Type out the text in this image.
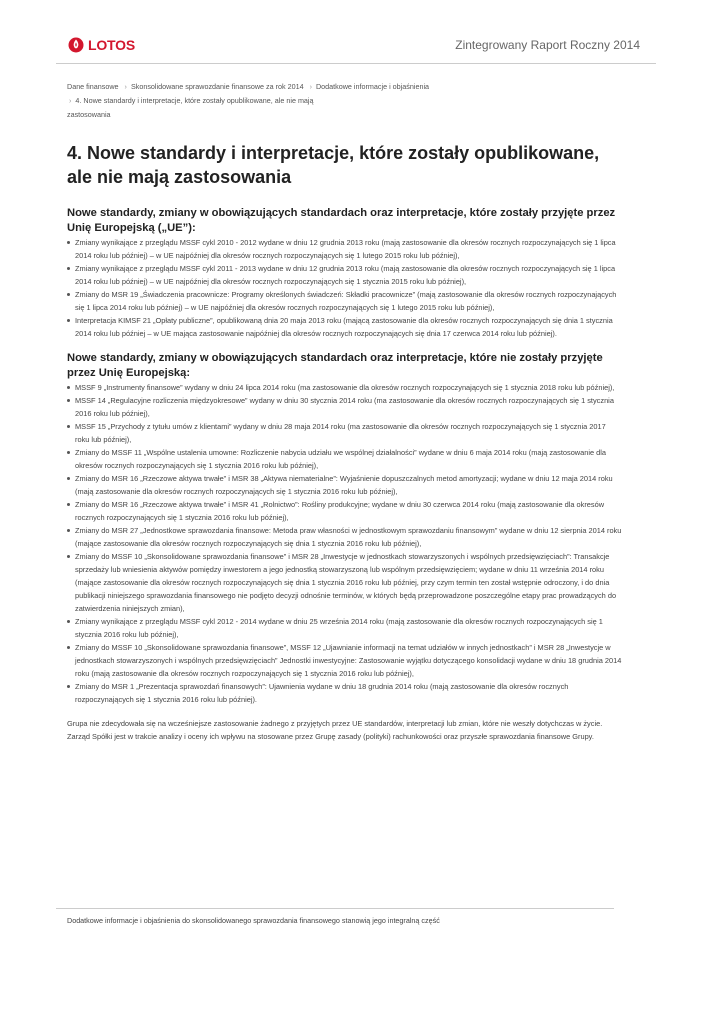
LOTOS	Zintegrowany Raport Roczny 2014
Dane finansowe › Skonsolidowane sprawozdanie finansowe za rok 2014 › Dodatkowe informacje i objaśnienia
› 4. Nowe standardy i interpretacje, które zostały opublikowane, ale nie mają
zastosowania
4. Nowe standardy i interpretacje, które zostały opublikowane, ale nie mają zastosowania
Nowe standardy, zmiany w obowiązujących standardach oraz interpretacje, które zostały przyjęte przez Unię Europejską („UE”):
Zmiany wynikające z przeglądu MSSF cykl 2010 - 2012 wydane w dniu 12 grudnia 2013 roku (mają zastosowanie dla okresów rocznych rozpoczynających się 1 lipca 2014 roku lub później) – w UE najpóźniej dla okresów rocznych rozpoczynających się 1 lutego 2015 roku lub później),
Zmiany wynikające z przeglądu MSSF cykl 2011 - 2013 wydane w dniu 12 grudnia 2013 roku (mają zastosowanie dla okresów rocznych rozpoczynających się 1 lipca 2014 roku lub później) – w UE najpóźniej dla okresów rocznych rozpoczynających się 1 stycznia 2015 roku lub później),
Zmiany do MSR 19 „Świadczenia pracownicze: Programy określonych świadczeń: Składki pracownicze” (mają zastosowanie dla okresów rocznych rozpoczynających się 1 lipca 2014 roku lub później) – w UE najpóźniej dla okresów rocznych rozpoczynających się 1 lutego 2015 roku lub później),
Interpretacja KIMSF 21 „Opłaty publiczne”, opublikowaną dnia 20 maja 2013 roku (mającą zastosowanie dla okresów rocznych rozpoczynających się dnia 1 stycznia 2014 roku lub później – w UE mająca zastosowanie najpóźniej dla okresów rocznych rozpoczynających się dnia 17 czerwca 2014 roku lub później).
Nowe standardy, zmiany w obowiązujących standardach oraz interpretacje, które nie zostały przyjęte przez Unię Europejską:
MSSF 9 „Instrumenty finansowe” wydany w dniu 24 lipca 2014 roku (ma zastosowanie dla okresów rocznych rozpoczynających się 1 stycznia 2018 roku lub później),
MSSF 14 „Regulacyjne rozliczenia międzyokresowe” wydany w dniu 30 stycznia 2014 roku (ma zastosowanie dla okresów rocznych rozpoczynających się 1 stycznia 2016 roku lub później),
MSSF 15 „Przychody z tytułu umów z klientami” wydany w dniu 28 maja 2014 roku (ma zastosowanie dla okresów rocznych rozpoczynających się 1 stycznia 2017 roku lub później),
Zmiany do MSSF 11 „Wspólne ustalenia umowne: Rozliczenie nabycia udziału we wspólnej działalności” wydane w dniu 6 maja 2014 roku (mają zastosowanie dla okresów rocznych rozpoczynających się 1 stycznia 2016 roku lub później),
Zmiany do MSR 16 „Rzeczowe aktywa trwałe” i MSR 38 „Aktywa niematerialne”: Wyjaśnienie dopuszczalnych metod amortyzacji; wydane w dniu 12 maja 2014 roku (mają zastosowanie dla okresów rocznych rozpoczynających się 1 stycznia 2016 roku lub później),
Zmiany do MSR 16 „Rzeczowe aktywa trwałe” i MSR 41 „Rolnictwo”: Rośliny produkcyjne; wydane w dniu 30 czerwca 2014 roku (mają zastosowanie dla okresów rocznych rozpoczynających się 1 stycznia 2016 roku lub później),
Zmiany do MSR 27 „Jednostkowe sprawozdania finansowe: Metoda praw własności w jednostkowym sprawozdaniu finansowym” wydane w dniu 12 sierpnia 2014 roku (mające zastosowanie dla okresów rocznych rozpoczynających się dnia 1 stycznia 2016 roku lub później),
Zmiany do MSSF 10 „Skonsolidowane sprawozdania finansowe” i MSR 28 „Inwestycje w jednostkach stowarzyszonych i wspólnych przedsięwzięciach”: Transakcje sprzedaży lub wniesienia aktywów pomiędzy inwestorem a jego jednostką stowarzyszoną lub wspólnym przedsięwzięciem; wydane w dniu 11 września 2014 roku (mające zastosowanie dla okresów rocznych rozpoczynających się dnia 1 stycznia 2016 roku lub później, przy czym termin ten został wstępnie odroczony, i do dnia publikacji niniejszego sprawozdania finansowego nie podjęto decyzji odnośnie terminów, w których będą przeprowadzone poszczególne etapy prac prowadzących do zatwierdzenia niniejszych zmian),
Zmiany wynikające z przeglądu MSSF cykl 2012 - 2014 wydane w dniu 25 września 2014 roku (mają zastosowanie dla okresów rocznych rozpoczynających się 1 stycznia 2016 roku lub później),
Zmiany do MSSF 10 „Skonsolidowane sprawozdania finansowe”, MSSF 12 „Ujawnianie informacji na temat udziałów w innych jednostkach” i MSR 28 „Inwestycje w jednostkach stowarzyszonych i wspólnych przedsięwzięciach” Jednostki inwestycyjne: Zastosowanie wyjątku dotyczącego konsolidacji wydane w dniu 18 grudnia 2014 roku (mają zastosowanie dla okresów rocznych rozpoczynających się 1 stycznia 2016 roku lub później),
Zmiany do MSR 1 „Prezentacja sprawozdań finansowych”: Ujawnienia wydane w dniu 18 grudnia 2014 roku (mają zastosowanie dla okresów rocznych rozpoczynających się 1 stycznia 2016 roku lub później).

Grupa nie zdecydowała się na wcześniejsze zastosowanie żadnego z przyjętych przez UE standardów, interpretacji lub zmian, które nie weszły dotychczas w życie. Zarząd Spółki jest w trakcie analizy i oceny ich wpływu na stosowane przez Grupę zasady (polityki) rachunkowości oraz przyszłe sprawozdania finansowe Grupy.

Dodatkowe informacje i objaśnienia do skonsolidowanego sprawozdania finansowego stanowią jego integralną część
